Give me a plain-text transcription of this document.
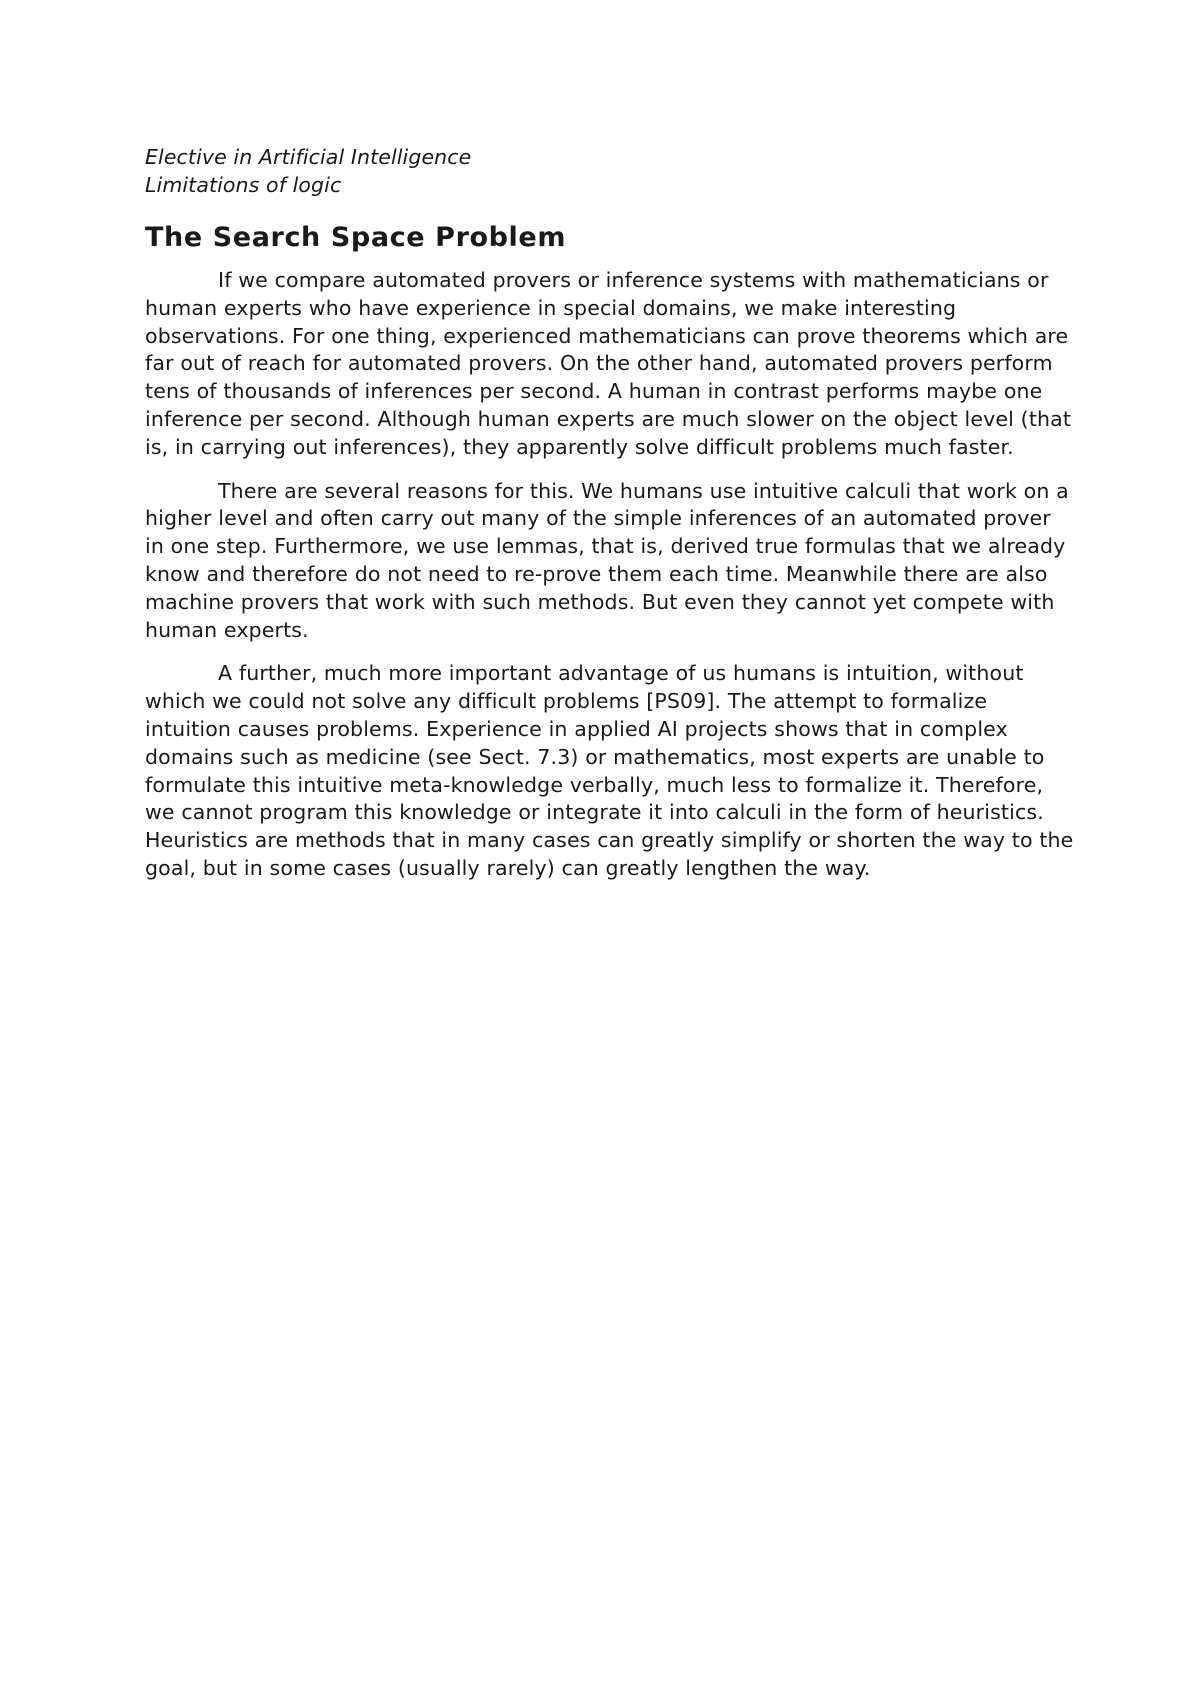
Elective in Artificial Intelligence

Limitations of logic

The Search Space Problem

If we compare automated provers or inference systems with mathematicians or human experts who have experience in special domains, we make interesting observations. For one thing, experienced mathematicians can prove theorems which are far out of reach for automated provers. On the other hand, automated provers perform tens of thousands of inferences per second. A human in contrast performs maybe one inference per second. Although human experts are much slower on the object level (that is, in carrying out inferences), they apparently solve difficult problems much faster.

There are several reasons for this. We humans use intuitive calculi that work on a higher level and often carry out many of the simple inferences of an automated prover in one step. Furthermore, we use lemmas, that is, derived true formulas that we already know and therefore do not need to re-prove them each time. Meanwhile there are also machine provers that work with such methods. But even they cannot yet compete with human experts.

A further, much more important advantage of us humans is intuition, without which we could not solve any difficult problems [PS09]. The attempt to formalize intuition causes problems. Experience in applied AI projects shows that in complex domains such as medicine (see Sect. 7.3) or mathematics, most experts are unable to formulate this intuitive meta-knowledge verbally, much less to formalize it. Therefore, we cannot program this knowledge or integrate it into calculi in the form of heuristics. Heuristics are methods that in many cases can greatly simplify or shorten the way to the goal, but in some cases (usually rarely) can greatly lengthen the way.
